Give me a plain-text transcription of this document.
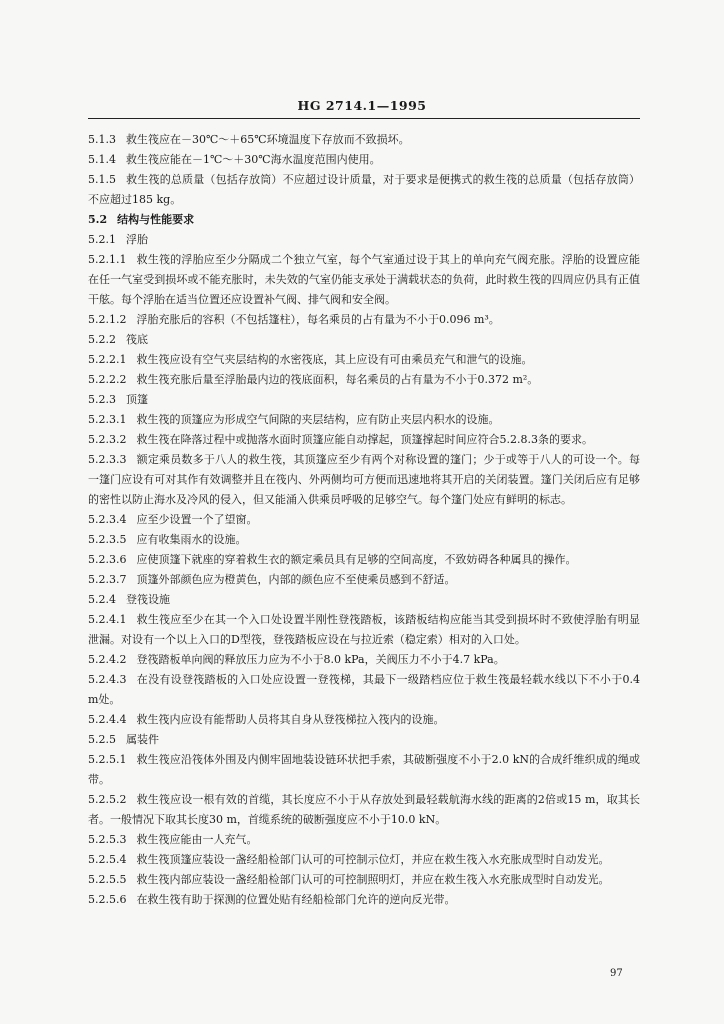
HG 2714.1—1995

5.1.3 救生筏应在－30℃～＋65℃环境温度下存放而不致损坏。

5.1.4 救生筏应能在－1℃～＋30℃海水温度范围内使用。

5.1.5 救生筏的总质量（包括存放筒）不应超过设计质量，对于要求是便携式的救生筏的总质量（包括存放筒）不应超过185 kg。

5.2 结构与性能要求

5.2.1 浮胎

5.2.1.1 救生筏的浮胎应至少分隔成二个独立气室，每个气室通过设于其上的单向充气阀充胀。浮胎的设置应能在任一气室受到损坏或不能充胀时，未失效的气室仍能支承处于满载状态的负荷，此时救生筏的四周应仍具有正值干舷。每个浮胎在适当位置还应设置补气阀、排气阀和安全阀。

5.2.1.2 浮胎充胀后的容积（不包括篷柱），每名乘员的占有量为不小于0.096 m³。

5.2.2 筏底

5.2.2.1 救生筏应设有空气夹层结构的水密筏底，其上应设有可由乘员充气和泄气的设施。

5.2.2.2 救生筏充胀后量至浮胎最内边的筏底面积，每名乘员的占有量为不小于0.372 m²。

5.2.3 顶篷

5.2.3.1 救生筏的顶篷应为形成空气间隙的夹层结构，应有防止夹层内积水的设施。

5.2.3.2 救生筏在降落过程中或抛落水面时顶篷应能自动撑起，顶篷撑起时间应符合5.2.8.3条的要求。

5.2.3.3 额定乘员数多于八人的救生筏，其顶篷应至少有两个对称设置的篷门；少于或等于八人的可设一个。每一篷门应设有可对其作有效调整并且在筏内、外两侧均可方便而迅速地将其开启的关闭装置。篷门关闭后应有足够的密性以防止海水及冷风的侵入，但又能涌入供乘员呼吸的足够空气。每个篷门处应有鲜明的标志。

5.2.3.4 应至少设置一个了望窗。

5.2.3.5 应有收集雨水的设施。

5.2.3.6 应使顶篷下就座的穿着救生衣的额定乘员具有足够的空间高度，不致妨碍各种属具的操作。

5.2.3.7 顶篷外部颜色应为橙黄色，内部的颜色应不至使乘员感到不舒适。

5.2.4 登筏设施

5.2.4.1 救生筏应至少在其一个入口处设置半刚性登筏踏板，该踏板结构应能当其受到损坏时不致使浮胎有明显泄漏。对设有一个以上入口的D型筏，登筏踏板应设在与拉近索（稳定索）相对的入口处。

5.2.4.2 登筏踏板单向阀的释放压力应为不小于8.0 kPa，关阀压力不小于4.7 kPa。

5.2.4.3 在没有设登筏踏板的入口处应设置一登筏梯，其最下一级踏档应位于救生筏最轻载水线以下不小于0.4 m处。

5.2.4.4 救生筏内应设有能帮助人员将其自身从登筏梯拉入筏内的设施。

5.2.5 属装件

5.2.5.1 救生筏应沿筏体外围及内侧牢固地装设链环状把手索，其破断强度不小于2.0 kN的合成纤维织成的绳或带。

5.2.5.2 救生筏应设一根有效的首缆，其长度应不小于从存放处到最轻载航海水线的距离的2倍或15 m，取其长者。一般情况下取其长度30 m，首缆系统的破断强度应不小于10.0 kN。

5.2.5.3 救生筏应能由一人充气。

5.2.5.4 救生筏顶篷应装设一盏经船检部门认可的可控制示位灯，并应在救生筏入水充胀成型时自动发光。

5.2.5.5 救生筏内部应装设一盏经船检部门认可的可控制照明灯，并应在救生筏入水充胀成型时自动发光。

5.2.5.6 在救生筏有助于探测的位置处贴有经船检部门允许的逆向反光带。

97
